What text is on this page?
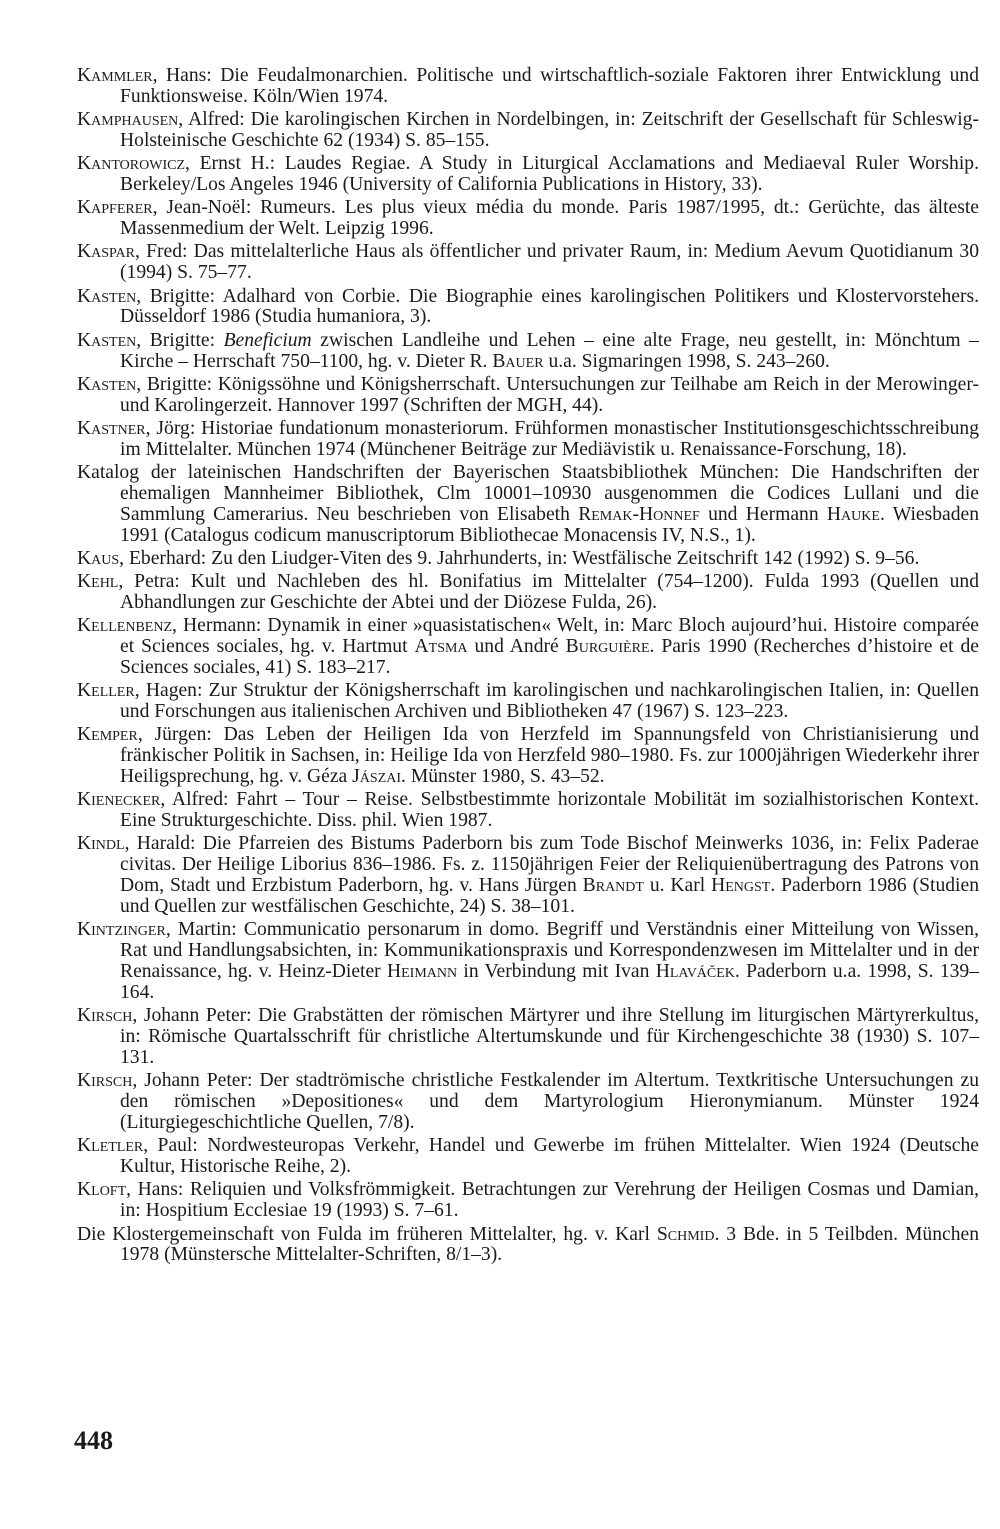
Kammler, Hans: Die Feudalmonarchien. Politische und wirtschaftlich-soziale Faktoren ihrer Entwicklung und Funktionsweise. Köln/Wien 1974.

Kamphausen, Alfred: Die karolingischen Kirchen in Nordelbingen, in: Zeitschrift der Gesellschaft für Schleswig-Holsteinische Geschichte 62 (1934) S. 85–155.

Kantorowicz, Ernst H.: Laudes Regiae. A Study in Liturgical Acclamations and Mediaeval Ruler Worship. Berkeley/Los Angeles 1946 (University of California Publications in History, 33).

Kapferer, Jean-Noël: Rumeurs. Les plus vieux média du monde. Paris 1987/1995, dt.: Gerüchte, das älteste Massenmedium der Welt. Leipzig 1996.

Kaspar, Fred: Das mittelalterliche Haus als öffentlicher und privater Raum, in: Medium Aevum Quotidianum 30 (1994) S. 75–77.

Kasten, Brigitte: Adalhard von Corbie. Die Biographie eines karolingischen Politikers und Klostervorstehers. Düsseldorf 1986 (Studia humaniora, 3).

Kasten, Brigitte: Beneficium zwischen Landleihe und Lehen – eine alte Frage, neu gestellt, in: Mönchtum – Kirche – Herrschaft 750–1100, hg. v. Dieter R. Bauer u.a. Sigmaringen 1998, S. 243–260.

Kasten, Brigitte: Königssöhne und Königsherrschaft. Untersuchungen zur Teilhabe am Reich in der Merowinger- und Karolingerzeit. Hannover 1997 (Schriften der MGH, 44).

Kastner, Jörg: Historiae fundationum monasteriorum. Frühformen monastischer Institutionsgeschichtsschreibung im Mittelalter. München 1974 (Münchener Beiträge zur Mediävistik u. Renaissance-Forschung, 18).

Katalog der lateinischen Handschriften der Bayerischen Staatsbibliothek München: Die Handschriften der ehemaligen Mannheimer Bibliothek, Clm 10001–10930 ausgenommen die Codices Lullani und die Sammlung Camerarius. Neu beschrieben von Elisabeth Remak-Honnef und Hermann Hauke. Wiesbaden 1991 (Catalogus codicum manuscriptorum Bibliothecae Monacensis IV, N.S., 1).

Kaus, Eberhard: Zu den Liudger-Viten des 9. Jahrhunderts, in: Westfälische Zeitschrift 142 (1992) S. 9–56.

Kehl, Petra: Kult und Nachleben des hl. Bonifatius im Mittelalter (754–1200). Fulda 1993 (Quellen und Abhandlungen zur Geschichte der Abtei und der Diözese Fulda, 26).

Kellenbenz, Hermann: Dynamik in einer »quasistatischen« Welt, in: Marc Bloch aujourd’hui. Histoire comparée et Sciences sociales, hg. v. Hartmut Atsma und André Burguière. Paris 1990 (Recherches d’histoire et de Sciences sociales, 41) S. 183–217.

Keller, Hagen: Zur Struktur der Königsherrschaft im karolingischen und nachkarolingischen Italien, in: Quellen und Forschungen aus italienischen Archiven und Bibliotheken 47 (1967) S. 123–223.

Kemper, Jürgen: Das Leben der Heiligen Ida von Herzfeld im Spannungsfeld von Christianisierung und fränkischer Politik in Sachsen, in: Heilige Ida von Herzfeld 980–1980. Fs. zur 1000jährigen Wiederkehr ihrer Heiligsprechung, hg. v. Géza Jászai. Münster 1980, S. 43–52.

Kienecker, Alfred: Fahrt – Tour – Reise. Selbstbestimmte horizontale Mobilität im sozialhistorischen Kontext. Eine Strukturgeschichte. Diss. phil. Wien 1987.

Kindl, Harald: Die Pfarreien des Bistums Paderborn bis zum Tode Bischof Meinwerks 1036, in: Felix Paderae civitas. Der Heilige Liborius 836–1986. Fs. z. 1150jährigen Feier der Reliquienübertragung des Patrons von Dom, Stadt und Erzbistum Paderborn, hg. v. Hans Jürgen Brandt u. Karl Hengst. Paderborn 1986 (Studien und Quellen zur westfälischen Geschichte, 24) S. 38–101.

Kintzinger, Martin: Communicatio personarum in domo. Begriff und Verständnis einer Mitteilung von Wissen, Rat und Handlungsabsichten, in: Kommunikationspraxis und Korrespondenzwesen im Mittelalter und in der Renaissance, hg. v. Heinz-Dieter Heimann in Verbindung mit Ivan Hlaváček. Paderborn u.a. 1998, S. 139–164.

Kirsch, Johann Peter: Die Grabstätten der römischen Märtyrer und ihre Stellung im liturgischen Märtyrerkultus, in: Römische Quartalsschrift für christliche Altertumskunde und für Kirchengeschichte 38 (1930) S. 107–131.

Kirsch, Johann Peter: Der stadtrömische christliche Festkalender im Altertum. Textkritische Untersuchungen zu den römischen »Depositiones« und dem Martyrologium Hieronymianum. Münster 1924 (Liturgiegeschichtliche Quellen, 7/8).

Kletler, Paul: Nordwesteuropas Verkehr, Handel und Gewerbe im frühen Mittelalter. Wien 1924 (Deutsche Kultur, Historische Reihe, 2).

Kloft, Hans: Reliquien und Volksfrömmigkeit. Betrachtungen zur Verehrung der Heiligen Cosmas und Damian, in: Hospitium Ecclesiae 19 (1993) S. 7–61.

Die Klostergemeinschaft von Fulda im früheren Mittelalter, hg. v. Karl Schmid. 3 Bde. in 5 Teilbden. München 1978 (Münstersche Mittelalter-Schriften, 8/1–3).

448
